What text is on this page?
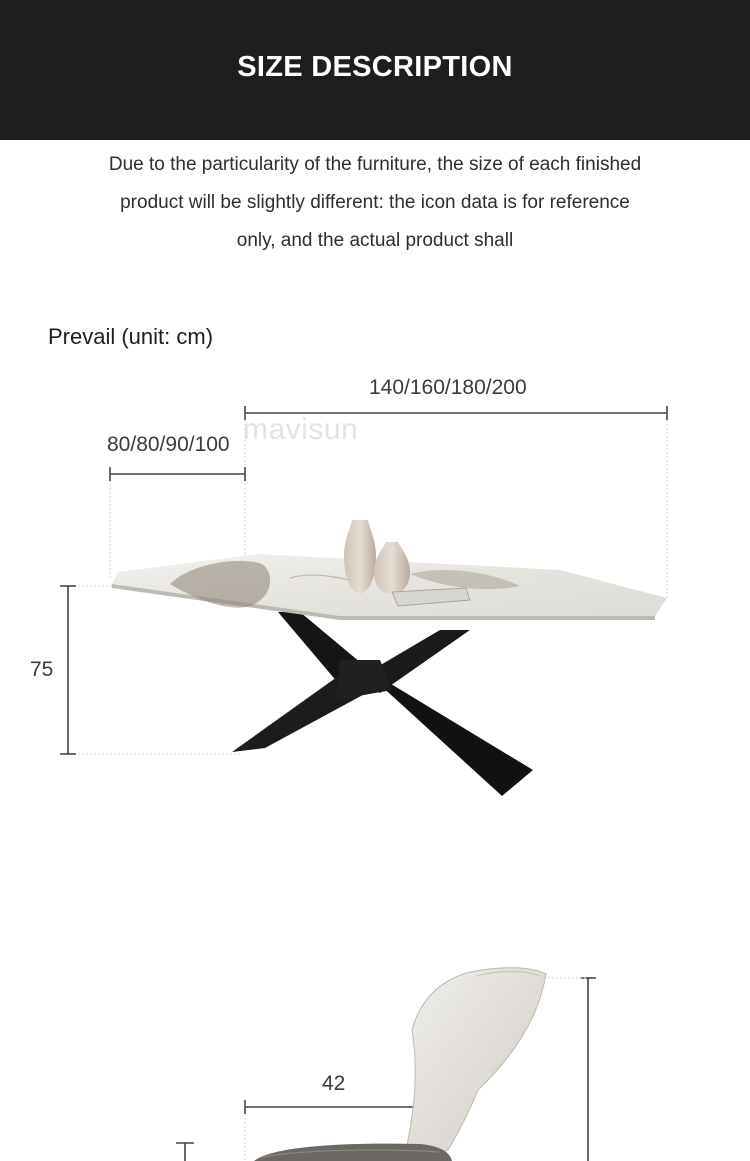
SIZE DESCRIPTION

Due to the particularity of the furniture, the size of each finished

product will be slightly different: the icon data is for reference

only, and the actual product shall

Prevail (unit: cm)
mavisun
140/160/180/200
80/80/90/100
75
42
